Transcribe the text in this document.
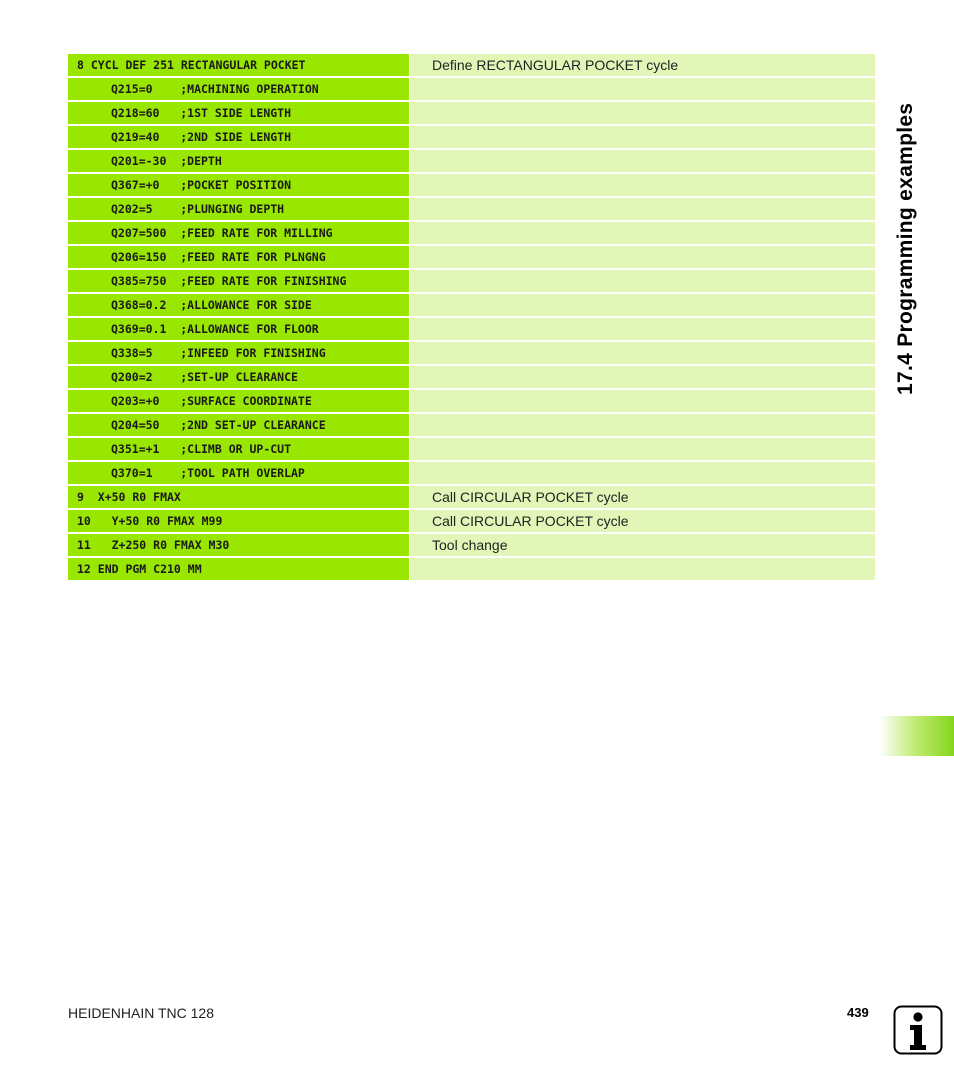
17.4 Programming examples
8 CYCL DEF 251 RECTANGULAR POCKET	Define RECTANGULAR POCKET cycle
Q215=0    ;MACHINING OPERATION
Q218=60   ;1ST SIDE LENGTH
Q219=40   ;2ND SIDE LENGTH
Q201=-30  ;DEPTH
Q367=+0   ;POCKET POSITION
Q202=5    ;PLUNGING DEPTH
Q207=500  ;FEED RATE FOR MILLING
Q206=150  ;FEED RATE FOR PLNGNG
Q385=750  ;FEED RATE FOR FINISHING
Q368=0.2  ;ALLOWANCE FOR SIDE
Q369=0.1  ;ALLOWANCE FOR FLOOR
Q338=5    ;INFEED FOR FINISHING
Q200=2    ;SET-UP CLEARANCE
Q203=+0   ;SURFACE COORDINATE
Q204=50   ;2ND SET-UP CLEARANCE
Q351=+1   ;CLIMB OR UP-CUT
Q370=1    ;TOOL PATH OVERLAP
9  X+50 R0 FMAX	Call CIRCULAR POCKET cycle
10   Y+50 R0 FMAX M99	Call CIRCULAR POCKET cycle
11   Z+250 R0 FMAX M30	Tool change
12 END PGM C210 MM
HEIDENHAIN TNC 128	439
